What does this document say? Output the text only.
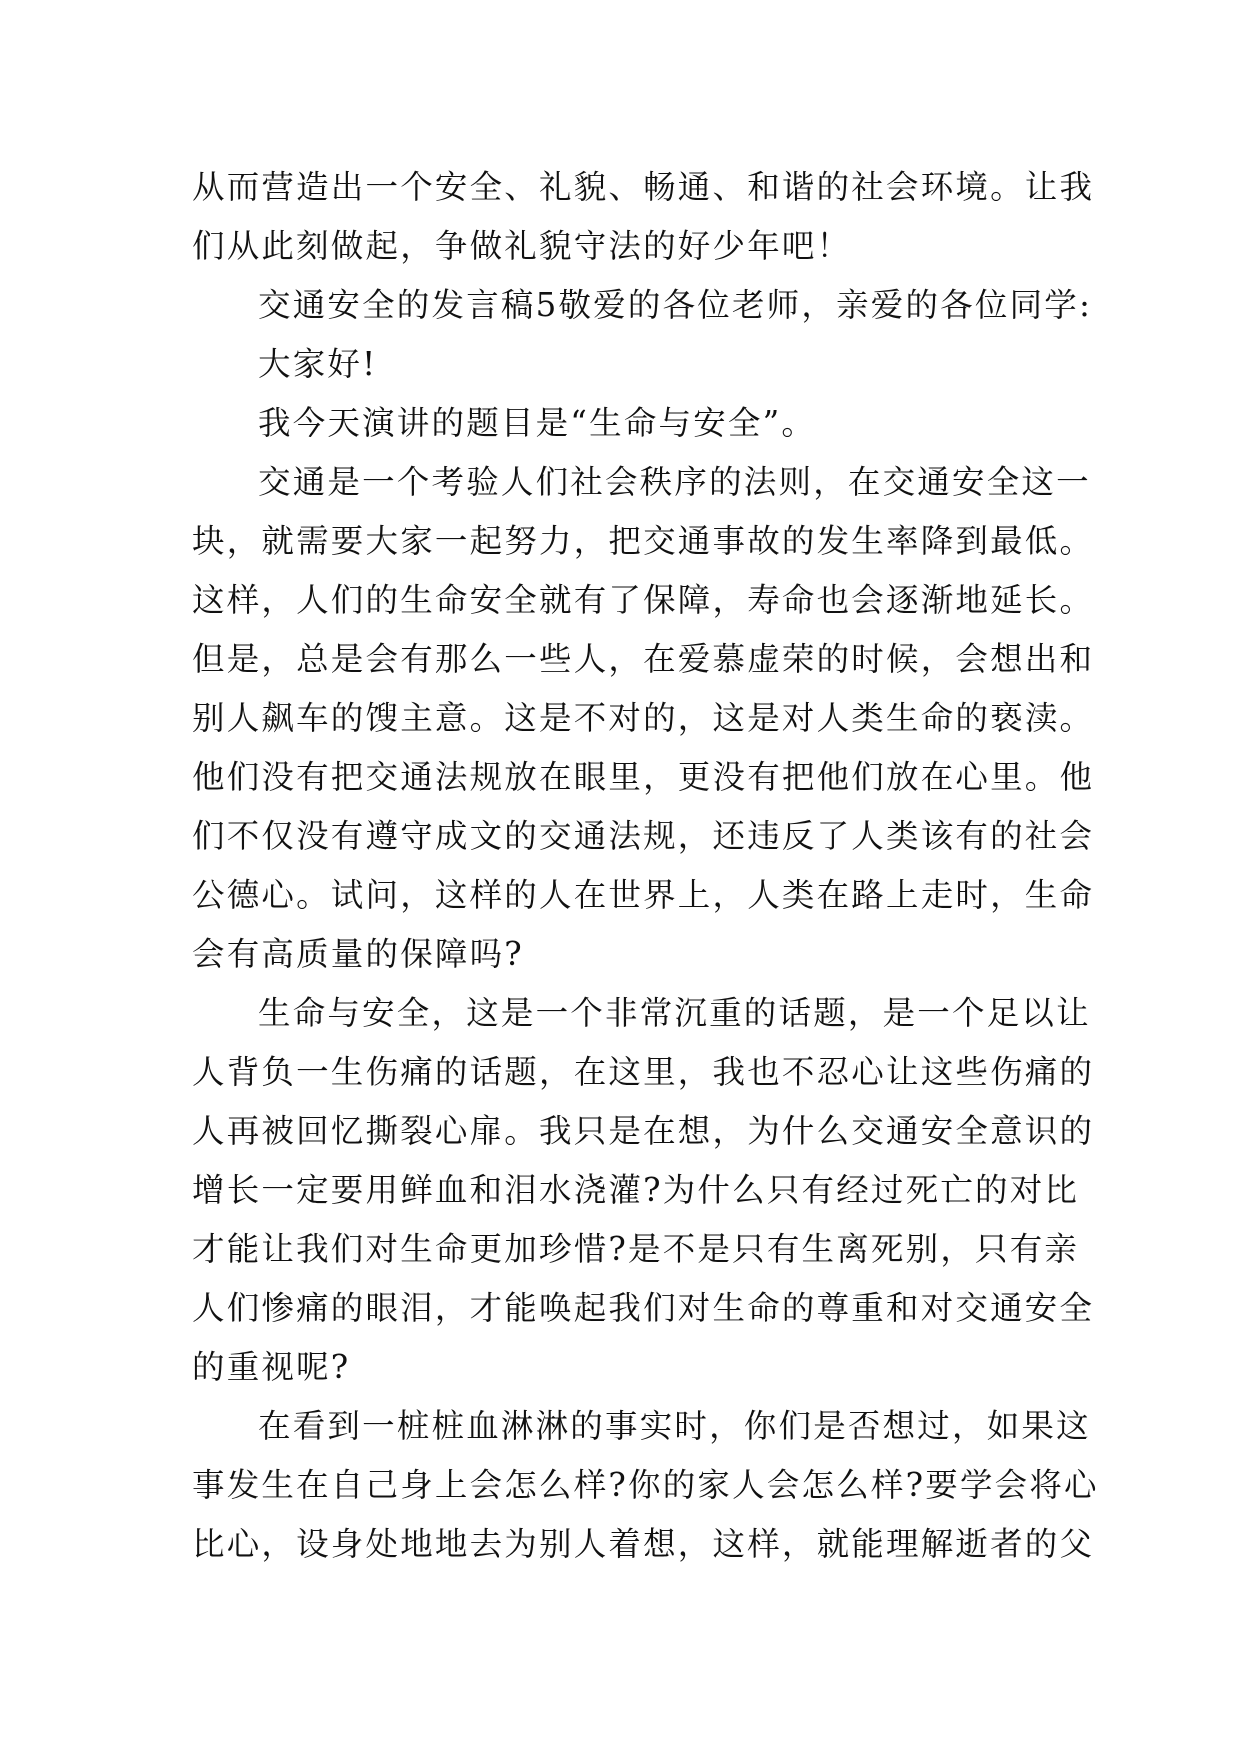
从而营造出一个安全、礼貌、畅通、和谐的社会环境。让我
们从此刻做起，争做礼貌守法的好少年吧！
交通安全的发言稿5敬爱的各位老师，亲爱的各位同学:
大家好!
我今天演讲的题目是“生命与安全”。
交通是一个考验人们社会秩序的法则，在交通安全这一
块，就需要大家一起努力，把交通事故的发生率降到最低。
这样，人们的生命安全就有了保障，寿命也会逐渐地延长。
但是，总是会有那么一些人，在爱慕虚荣的时候，会想出和
别人飙车的馊主意。这是不对的，这是对人类生命的亵渎。
他们没有把交通法规放在眼里，更没有把他们放在心里。他
们不仅没有遵守成文的交通法规，还违反了人类该有的社会
公德心。试问，这样的人在世界上，人类在路上走时，生命
会有高质量的保障吗?
生命与安全，这是一个非常沉重的话题，是一个足以让
人背负一生伤痛的话题，在这里，我也不忍心让这些伤痛的
人再被回忆撕裂心扉。我只是在想，为什么交通安全意识的
增长一定要用鲜血和泪水浇灌?为什么只有经过死亡的对比
才能让我们对生命更加珍惜?是不是只有生离死别，只有亲
人们惨痛的眼泪，才能唤起我们对生命的尊重和对交通安全
的重视呢?
在看到一桩桩血淋淋的事实时，你们是否想过，如果这
事发生在自己身上会怎么样?你的家人会怎么样?要学会将心
比心，设身处地地去为别人着想，这样，就能理解逝者的父
